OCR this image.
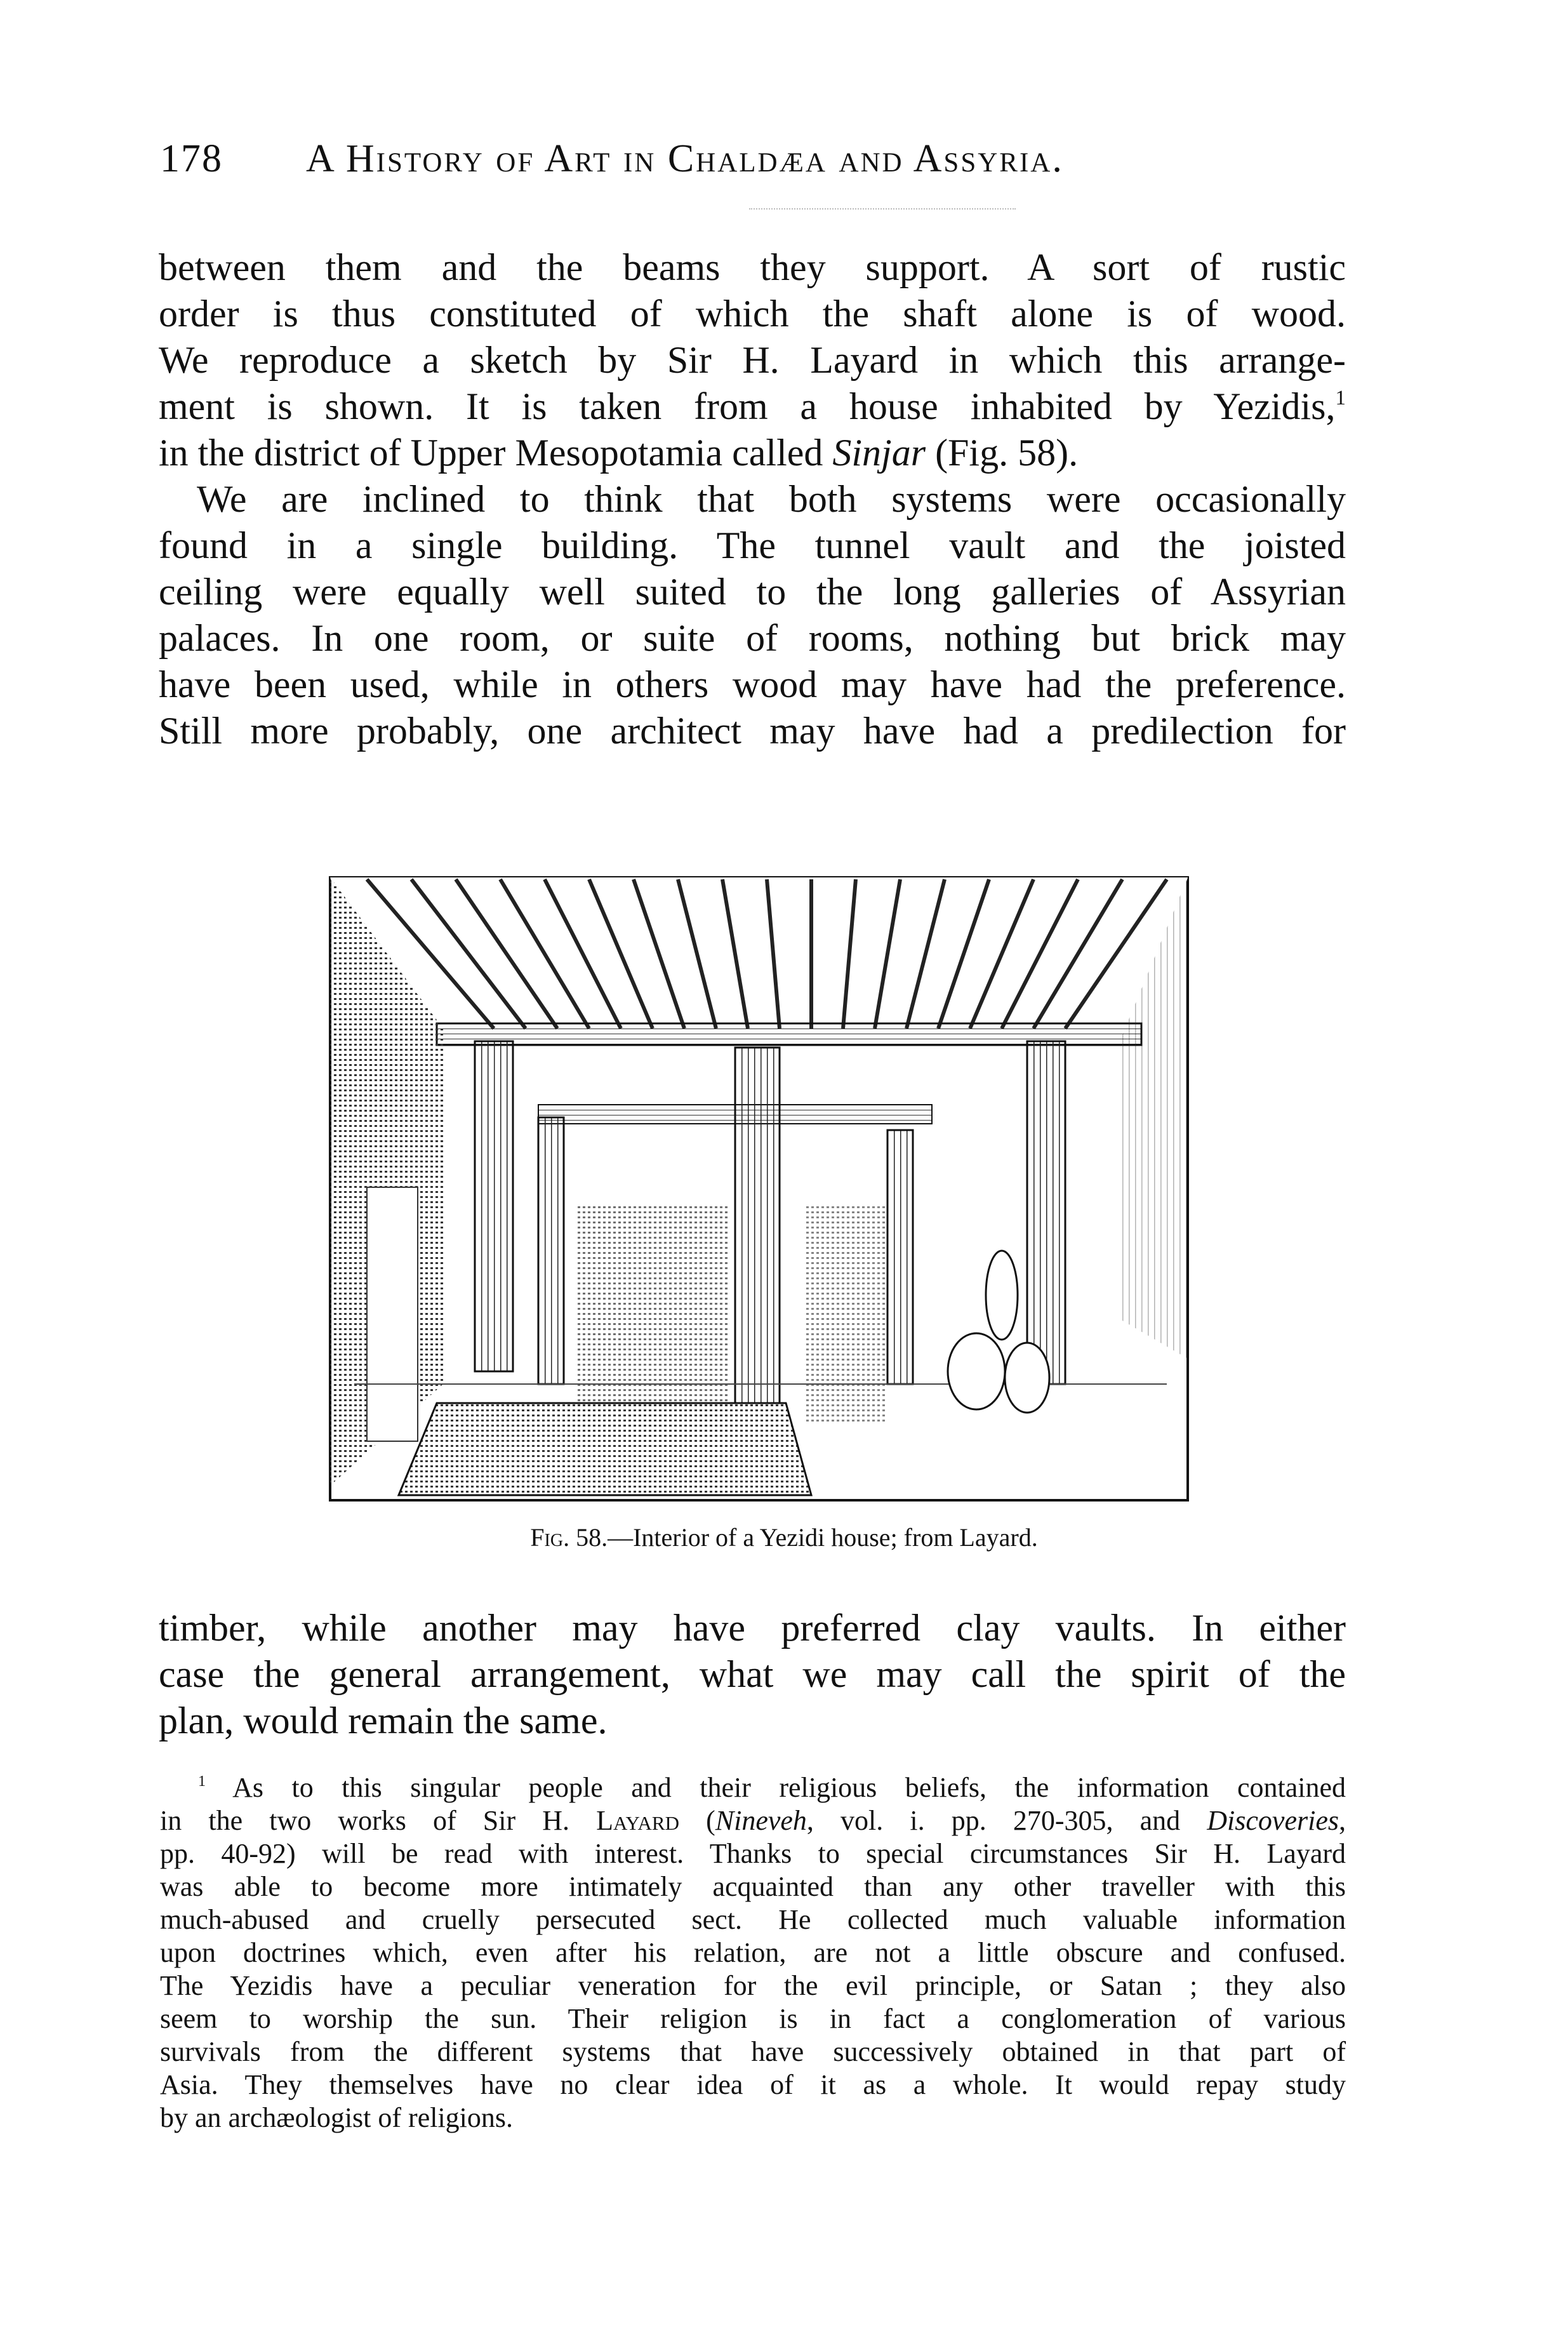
178 A History of Art in Chaldæa and Assyria.
between them and the beams they support. A sort of rustic
order is thus constituted of which the shaft alone is of wood.
We reproduce a sketch by Sir H. Layard in which this arrange-
ment is shown. It is taken from a house inhabited by Yezidis,$^1$
in the district of Upper Mesopotamia called Sinjar (Fig. 58).
We are inclined to think that both systems were occasionally
found in a single building. The tunnel vault and the joisted
ceiling were equally well suited to the long galleries of Assyrian
palaces. In one room, or suite of rooms, nothing but brick may
have been used, while in others wood may have had the preference.
Still more probably, one architect may have had a predilection for
Fig. 58.—Interior of a Yezidi house; from Layard.
timber, while another may have preferred clay vaults. In either
case the general arrangement, what we may call the spirit of the
plan, would remain the same.
$^1$ As to this singular people and their religious beliefs, the information contained
in the two works of Sir H. Layard (Nineveh, vol. i. pp. 270-305, and Discoveries,
pp. 40-92) will be read with interest. Thanks to special circumstances Sir H. Layard
was able to become more intimately acquainted than any other traveller with this
much-abused and cruelly persecuted sect. He collected much valuable information
upon doctrines which, even after his relation, are not a little obscure and confused.
The Yezidis have a peculiar veneration for the evil principle, or Satan ; they also
seem to worship the sun. Their religion is in fact a conglomeration of various
survivals from the different systems that have successively obtained in that part of
Asia. They themselves have no clear idea of it as a whole. It would repay study
by an archæologist of religions.
